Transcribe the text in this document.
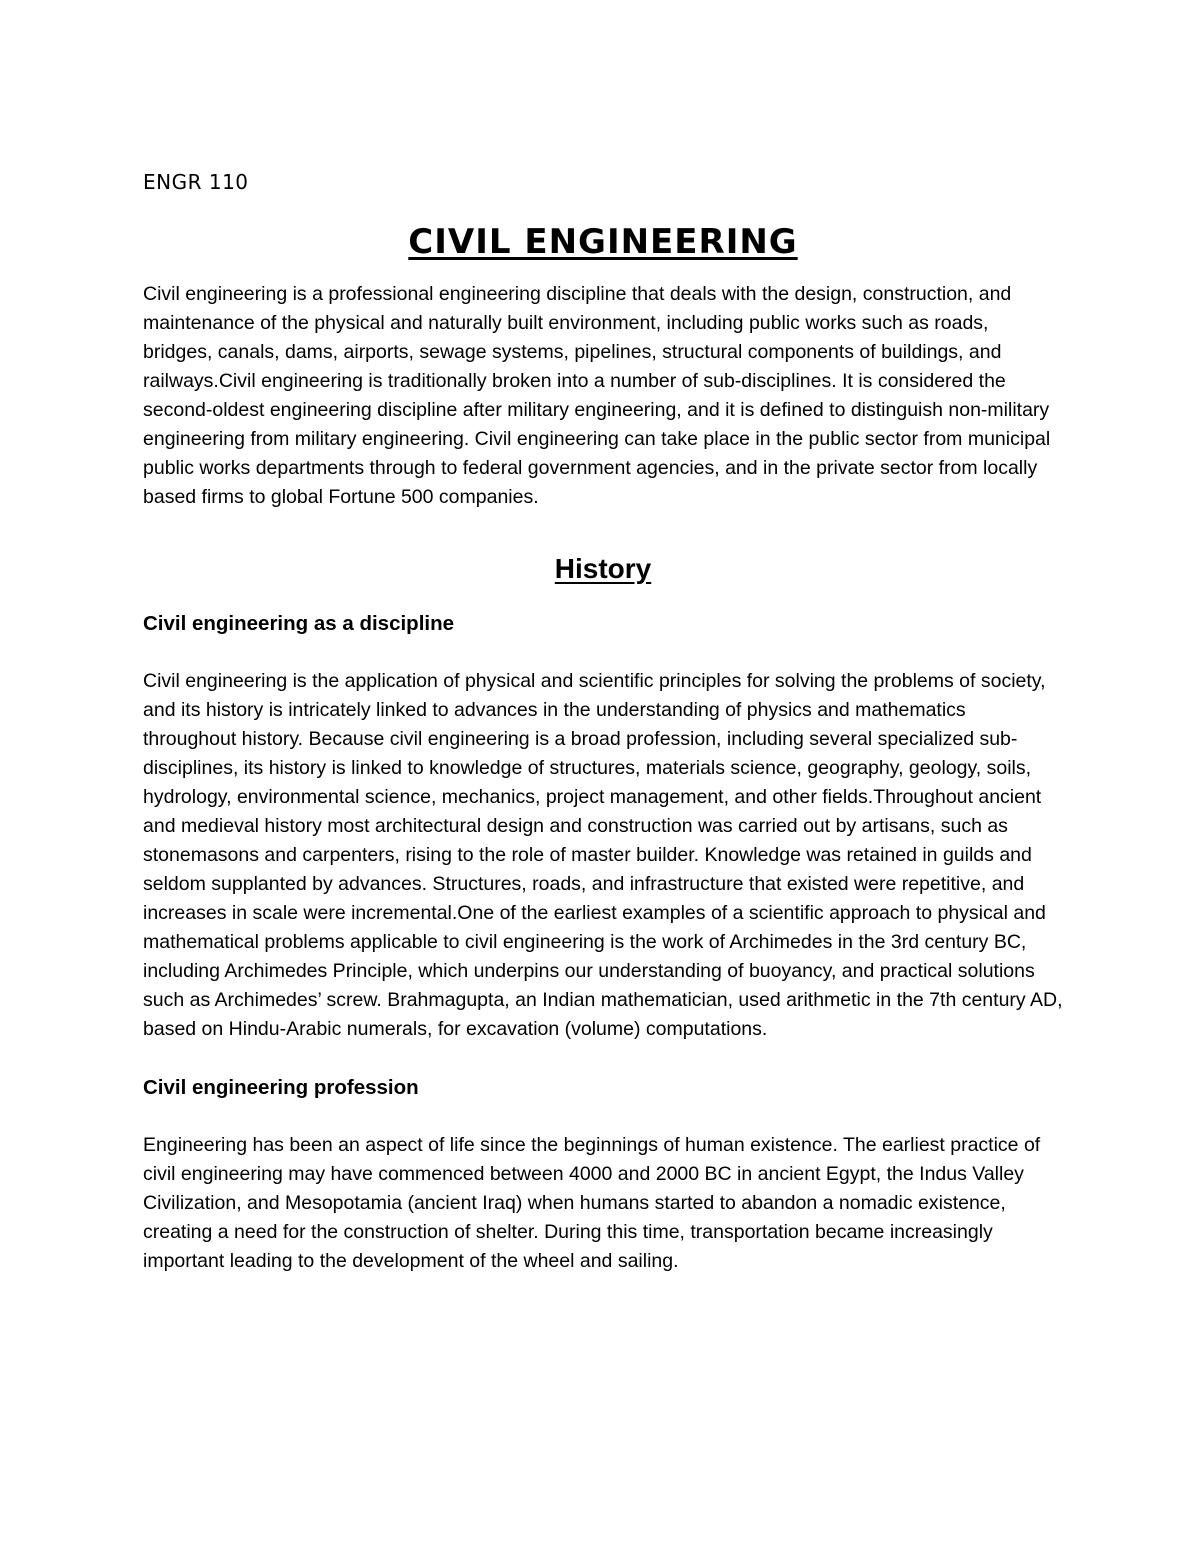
ENGR 110

CIVIL ENGINEERING

Civil engineering is a professional engineering discipline that deals with the design, construction, and maintenance of the physical and naturally built environment, including public works such as roads, bridges, canals, dams, airports, sewage systems, pipelines, structural components of buildings, and railways.Civil engineering is traditionally broken into a number of sub-disciplines. It is considered the second-oldest engineering discipline after military engineering, and it is defined to distinguish non-military engineering from military engineering. Civil engineering can take place in the public sector from municipal public works departments through to federal government agencies, and in the private sector from locally based firms to global Fortune 500 companies.

History
Civil engineering as a discipline

Civil engineering is the application of physical and scientific principles for solving the problems of society, and its history is intricately linked to advances in the understanding of physics and mathematics throughout history. Because civil engineering is a broad profession, including several specialized sub-disciplines, its history is linked to knowledge of structures, materials science, geography, geology, soils, hydrology, environmental science, mechanics, project management, and other fields.Throughout ancient and medieval history most architectural design and construction was carried out by artisans, such as stonemasons and carpenters, rising to the role of master builder. Knowledge was retained in guilds and seldom supplanted by advances. Structures, roads, and infrastructure that existed were repetitive, and increases in scale were incremental.One of the earliest examples of a scientific approach to physical and mathematical problems applicable to civil engineering is the work of Archimedes in the 3rd century BC, including Archimedes Principle, which underpins our understanding of buoyancy, and practical solutions such as Archimedes’ screw. Brahmagupta, an Indian mathematician, used arithmetic in the 7th century AD, based on Hindu-Arabic numerals, for excavation (volume) computations.

Civil engineering profession

Engineering has been an aspect of life since the beginnings of human existence. The earliest practice of civil engineering may have commenced between 4000 and 2000 BC in ancient Egypt, the Indus Valley Civilization, and Mesopotamia (ancient Iraq) when humans started to abandon a nomadic existence, creating a need for the construction of shelter. During this time, transportation became increasingly important leading to the development of the wheel and sailing.
